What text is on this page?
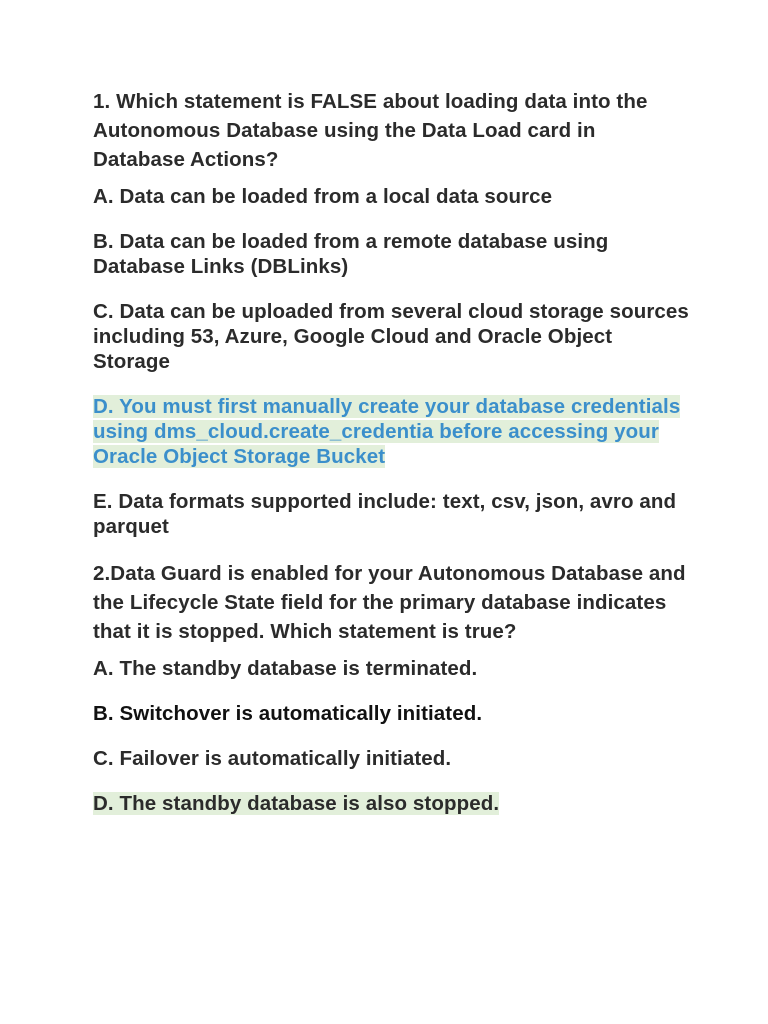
1. Which statement is FALSE about loading data into the Autonomous Database using the Data Load card in Database Actions?

A. Data can be loaded from a local data source

B. Data can be loaded from a remote database using Database Links (DBLinks)

C. Data can be uploaded from several cloud storage sources including 53, Azure, Google Cloud and Oracle Object Storage

D. You must first manually create your database credentials using dms_cloud.create_credentia before accessing your Oracle Object Storage Bucket

E. Data formats supported include: text, csv, json, avro and parquet

2.Data Guard is enabled for your Autonomous Database and the Lifecycle State field for the primary database indicates that it is stopped. Which statement is true?

A. The standby database is terminated.

B. Switchover is automatically initiated.

C. Failover is automatically initiated.

D. The standby database is also stopped.
